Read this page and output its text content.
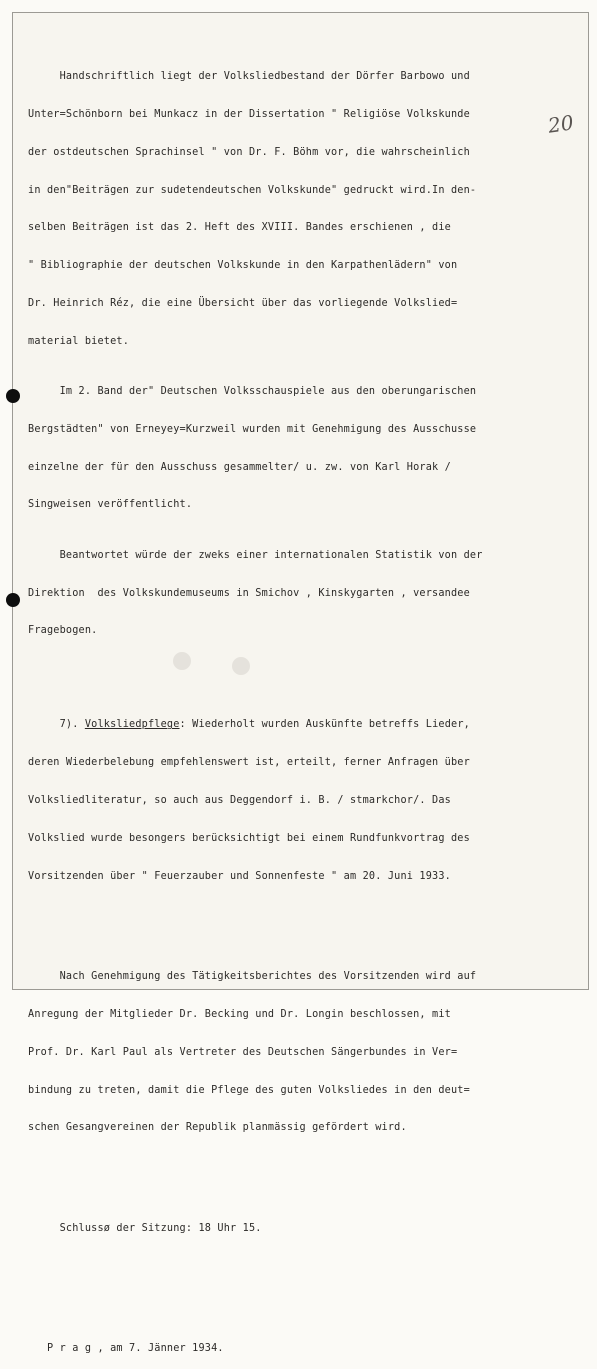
20

Handschriftlich liegt der Volksliedbestand der Dörfer Barbowo und

Unter=Schönborn bei Munkacz in der Dissertation " Religiöse Volkskunde

der ostdeutschen Sprachinsel " von Dr. F. Böhm vor, die wahrscheinlich

in den"Beiträgen zur sudetendeutschen Volkskunde" gedruckt wird.In den-

selben Beiträgen ist das 2. Heft des XVIII. Bandes erschienen , die

" Bibliographie der deutschen Volkskunde in den Karpathenlädern" von

Dr. Heinrich Réz, die eine Übersicht über das vorliegende Volkslied=

material bietet.

Im 2. Band der" Deutschen Volksschauspiele aus den oberungarischen

Bergstädten" von Erneyey=Kurzweil wurden mit Genehmigung des Ausschusse

einzelne der für den Ausschuss gesammelter/ u. zw. von Karl Horak /

Singweisen veröffentlicht.

Beantwortet würde der zweks einer internationalen Statistik von der

Direktion  des Volkskundemuseums in Smichov , Kinskygarten , versandee

Fragebogen.

7). Volksliedpflege: Wiederholt wurden Auskünfte betreffs Lieder,

deren Wiederbelebung empfehlenswert ist, erteilt, ferner Anfragen über

Volksliedliteratur, so auch aus Deggendorf i. B. / stmarkchor/. Das

Volkslied wurde besongers berücksichtigt bei einem Rundfunkvortrag des

Vorsitzenden über " Feuerzauber und Sonnenfeste " am 20. Juni 1933.

Nach Genehmigung des Tätigkeitsberichtes des Vorsitzenden wird auf

Anregung der Mitglieder Dr. Becking und Dr. Longin beschlossen, mit

Prof. Dr. Karl Paul als Vertreter des Deutschen Sängerbundes in Ver=

bindung zu treten, damit die Pflege des guten Volksliedes in den deut=

schen Gesangvereinen der Republik planmässig gefördert wird.

Schlussø der Sitzung: 18 Uhr 15.

P r a g , am 7. Jänner 1934.
